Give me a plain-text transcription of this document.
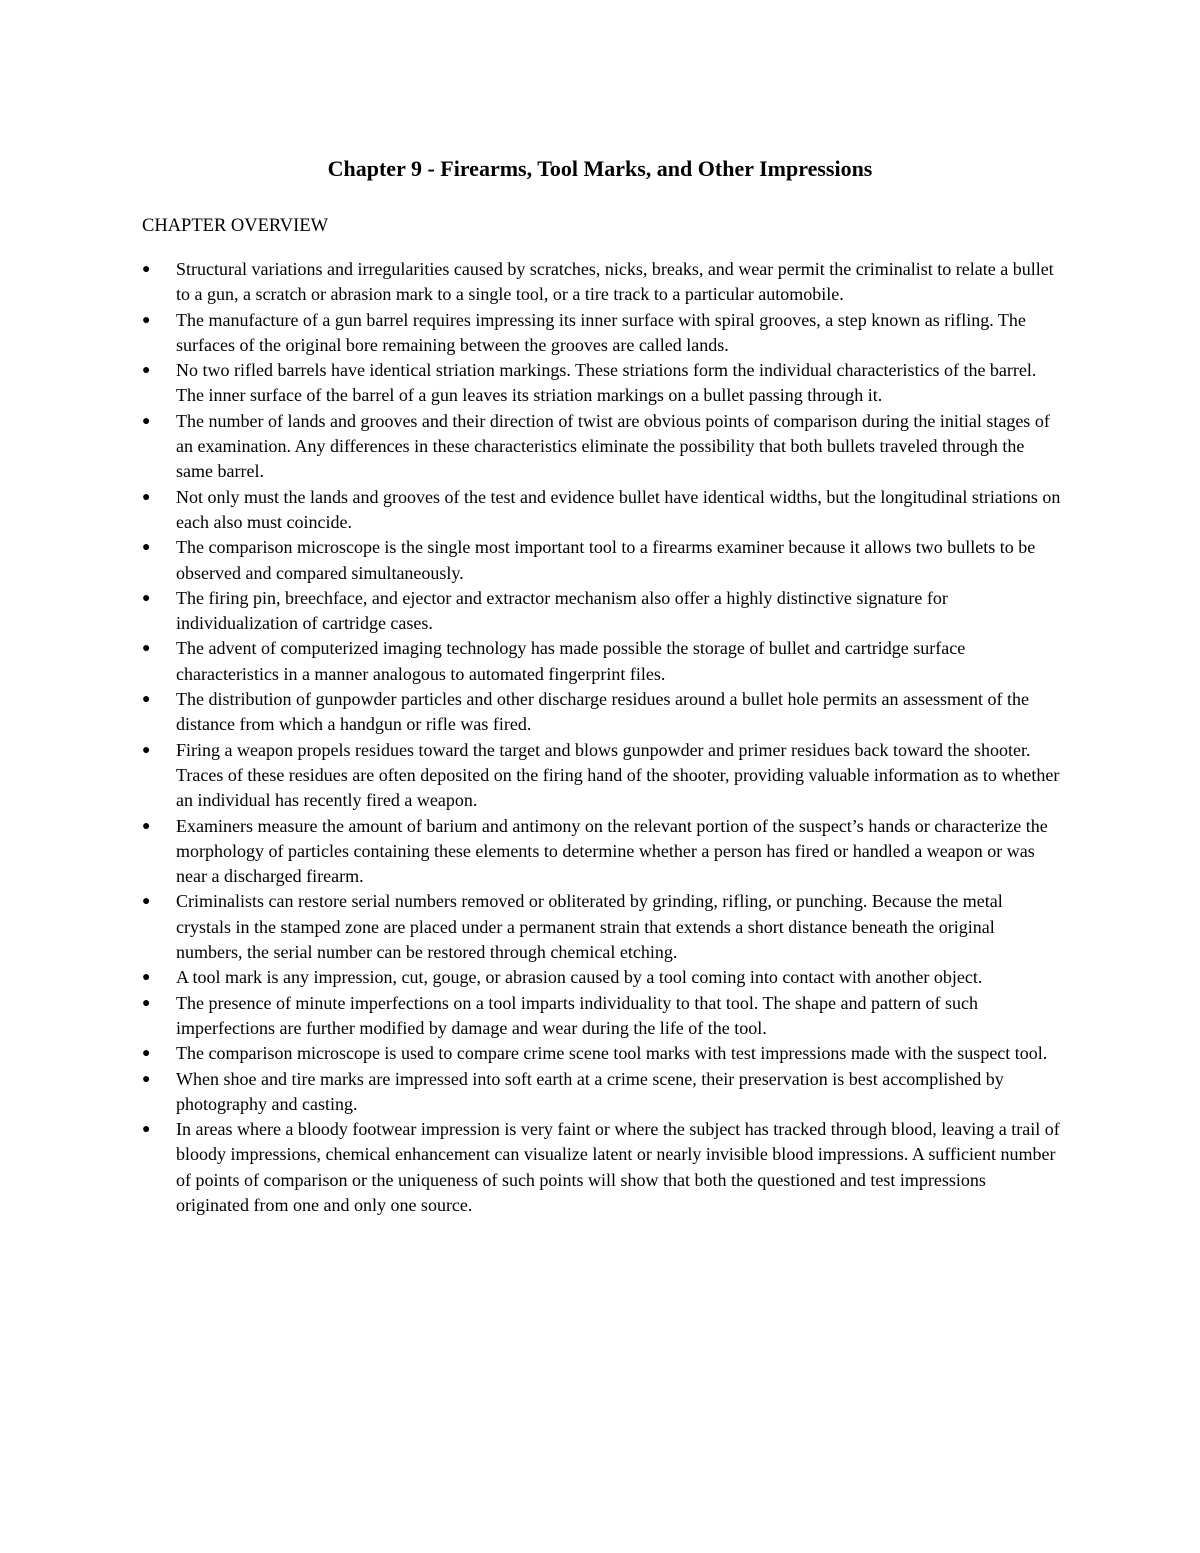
Chapter 9 - Firearms, Tool Marks, and Other Impressions
CHAPTER OVERVIEW
●	Structural variations and irregularities caused by scratches, nicks, breaks, and wear permit the criminalist to relate a bullet to a gun, a scratch or abrasion mark to a single tool, or a tire track to a particular automobile.
●	The manufacture of a gun barrel requires impressing its inner surface with spiral grooves, a step known as rifling. The surfaces of the original bore remaining between the grooves are called lands.
●	No two rifled barrels have identical striation markings. These striations form the individual characteristics of the barrel. The inner surface of the barrel of a gun leaves its striation markings on a bullet passing through it.
●	The number of lands and grooves and their direction of twist are obvious points of comparison during the initial stages of an examination. Any differences in these characteristics eliminate the possibility that both bullets traveled through the same barrel.
●	Not only must the lands and grooves of the test and evidence bullet have identical widths, but the longitudinal striations on each also must coincide.
●	The comparison microscope is the single most important tool to a firearms examiner because it allows two bullets to be observed and compared simultaneously.
●	The firing pin, breechface, and ejector and extractor mechanism also offer a highly distinctive signature for individualization of cartridge cases.
●	The advent of computerized imaging technology has made possible the storage of bullet and cartridge surface characteristics in a manner analogous to automated fingerprint files.
●	The distribution of gunpowder particles and other discharge residues around a bullet hole permits an assessment of the distance from which a handgun or rifle was fired.
●	Firing a weapon propels residues toward the target and blows gunpowder and primer residues back toward the shooter. Traces of these residues are often deposited on the firing hand of the shooter, providing valuable information as to whether an individual has recently fired a weapon.
●	Examiners measure the amount of barium and antimony on the relevant portion of the suspect’s hands or characterize the morphology of particles containing these elements to determine whether a person has fired or handled a weapon or was near a discharged firearm.
●	Criminalists can restore serial numbers removed or obliterated by grinding, rifling, or punching. Because the metal crystals in the stamped zone are placed under a permanent strain that extends a short distance beneath the original numbers, the serial number can be restored through chemical etching.
●	A tool mark is any impression, cut, gouge, or abrasion caused by a tool coming into contact with another object.
●	The presence of minute imperfections on a tool imparts individuality to that tool. The shape and pattern of such imperfections are further modified by damage and wear during the life of the tool.
●	The comparison microscope is used to compare crime scene tool marks with test impressions made with the suspect tool.
●	When shoe and tire marks are impressed into soft earth at a crime scene, their preservation is best accomplished by photography and casting.
●	In areas where a bloody footwear impression is very faint or where the subject has tracked through blood, leaving a trail of bloody impressions, chemical enhancement can visualize latent or nearly invisible blood impressions. A sufficient number of points of comparison or the uniqueness of such points will show that both the questioned and test impressions originated from one and only one source.
